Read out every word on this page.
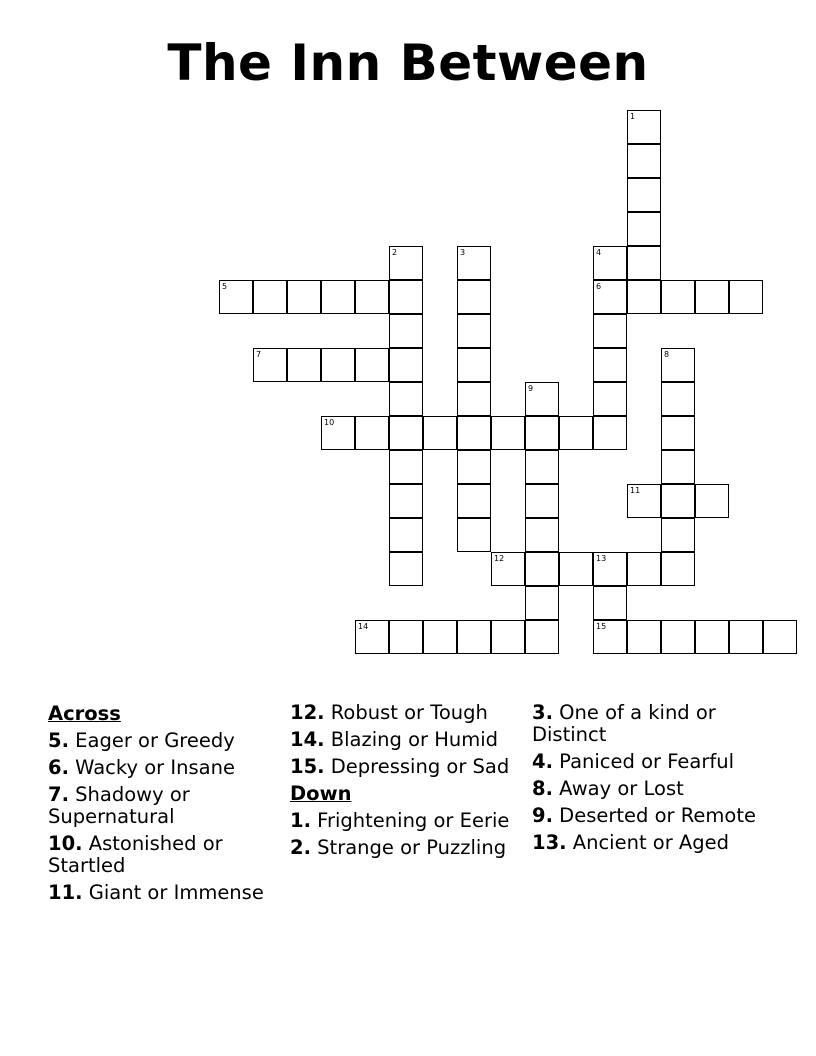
The Inn Between
1
2	3	4
6
5
7	8
9
10
11
12	13
15
14
Across
5. Eager or Greedy
6. Wacky or Insane
7. Shadowy or Supernatural
10. Astonished or Startled
11. Giant or Immense
12. Robust or Tough
14. Blazing or Humid
15. Depressing or Sad
Down
1. Frightening or Eerie
2. Strange or Puzzling
3. One of a kind or Distinct
4. Paniced or Fearful
8. Away or Lost
9. Deserted or Remote
13. Ancient or Aged
